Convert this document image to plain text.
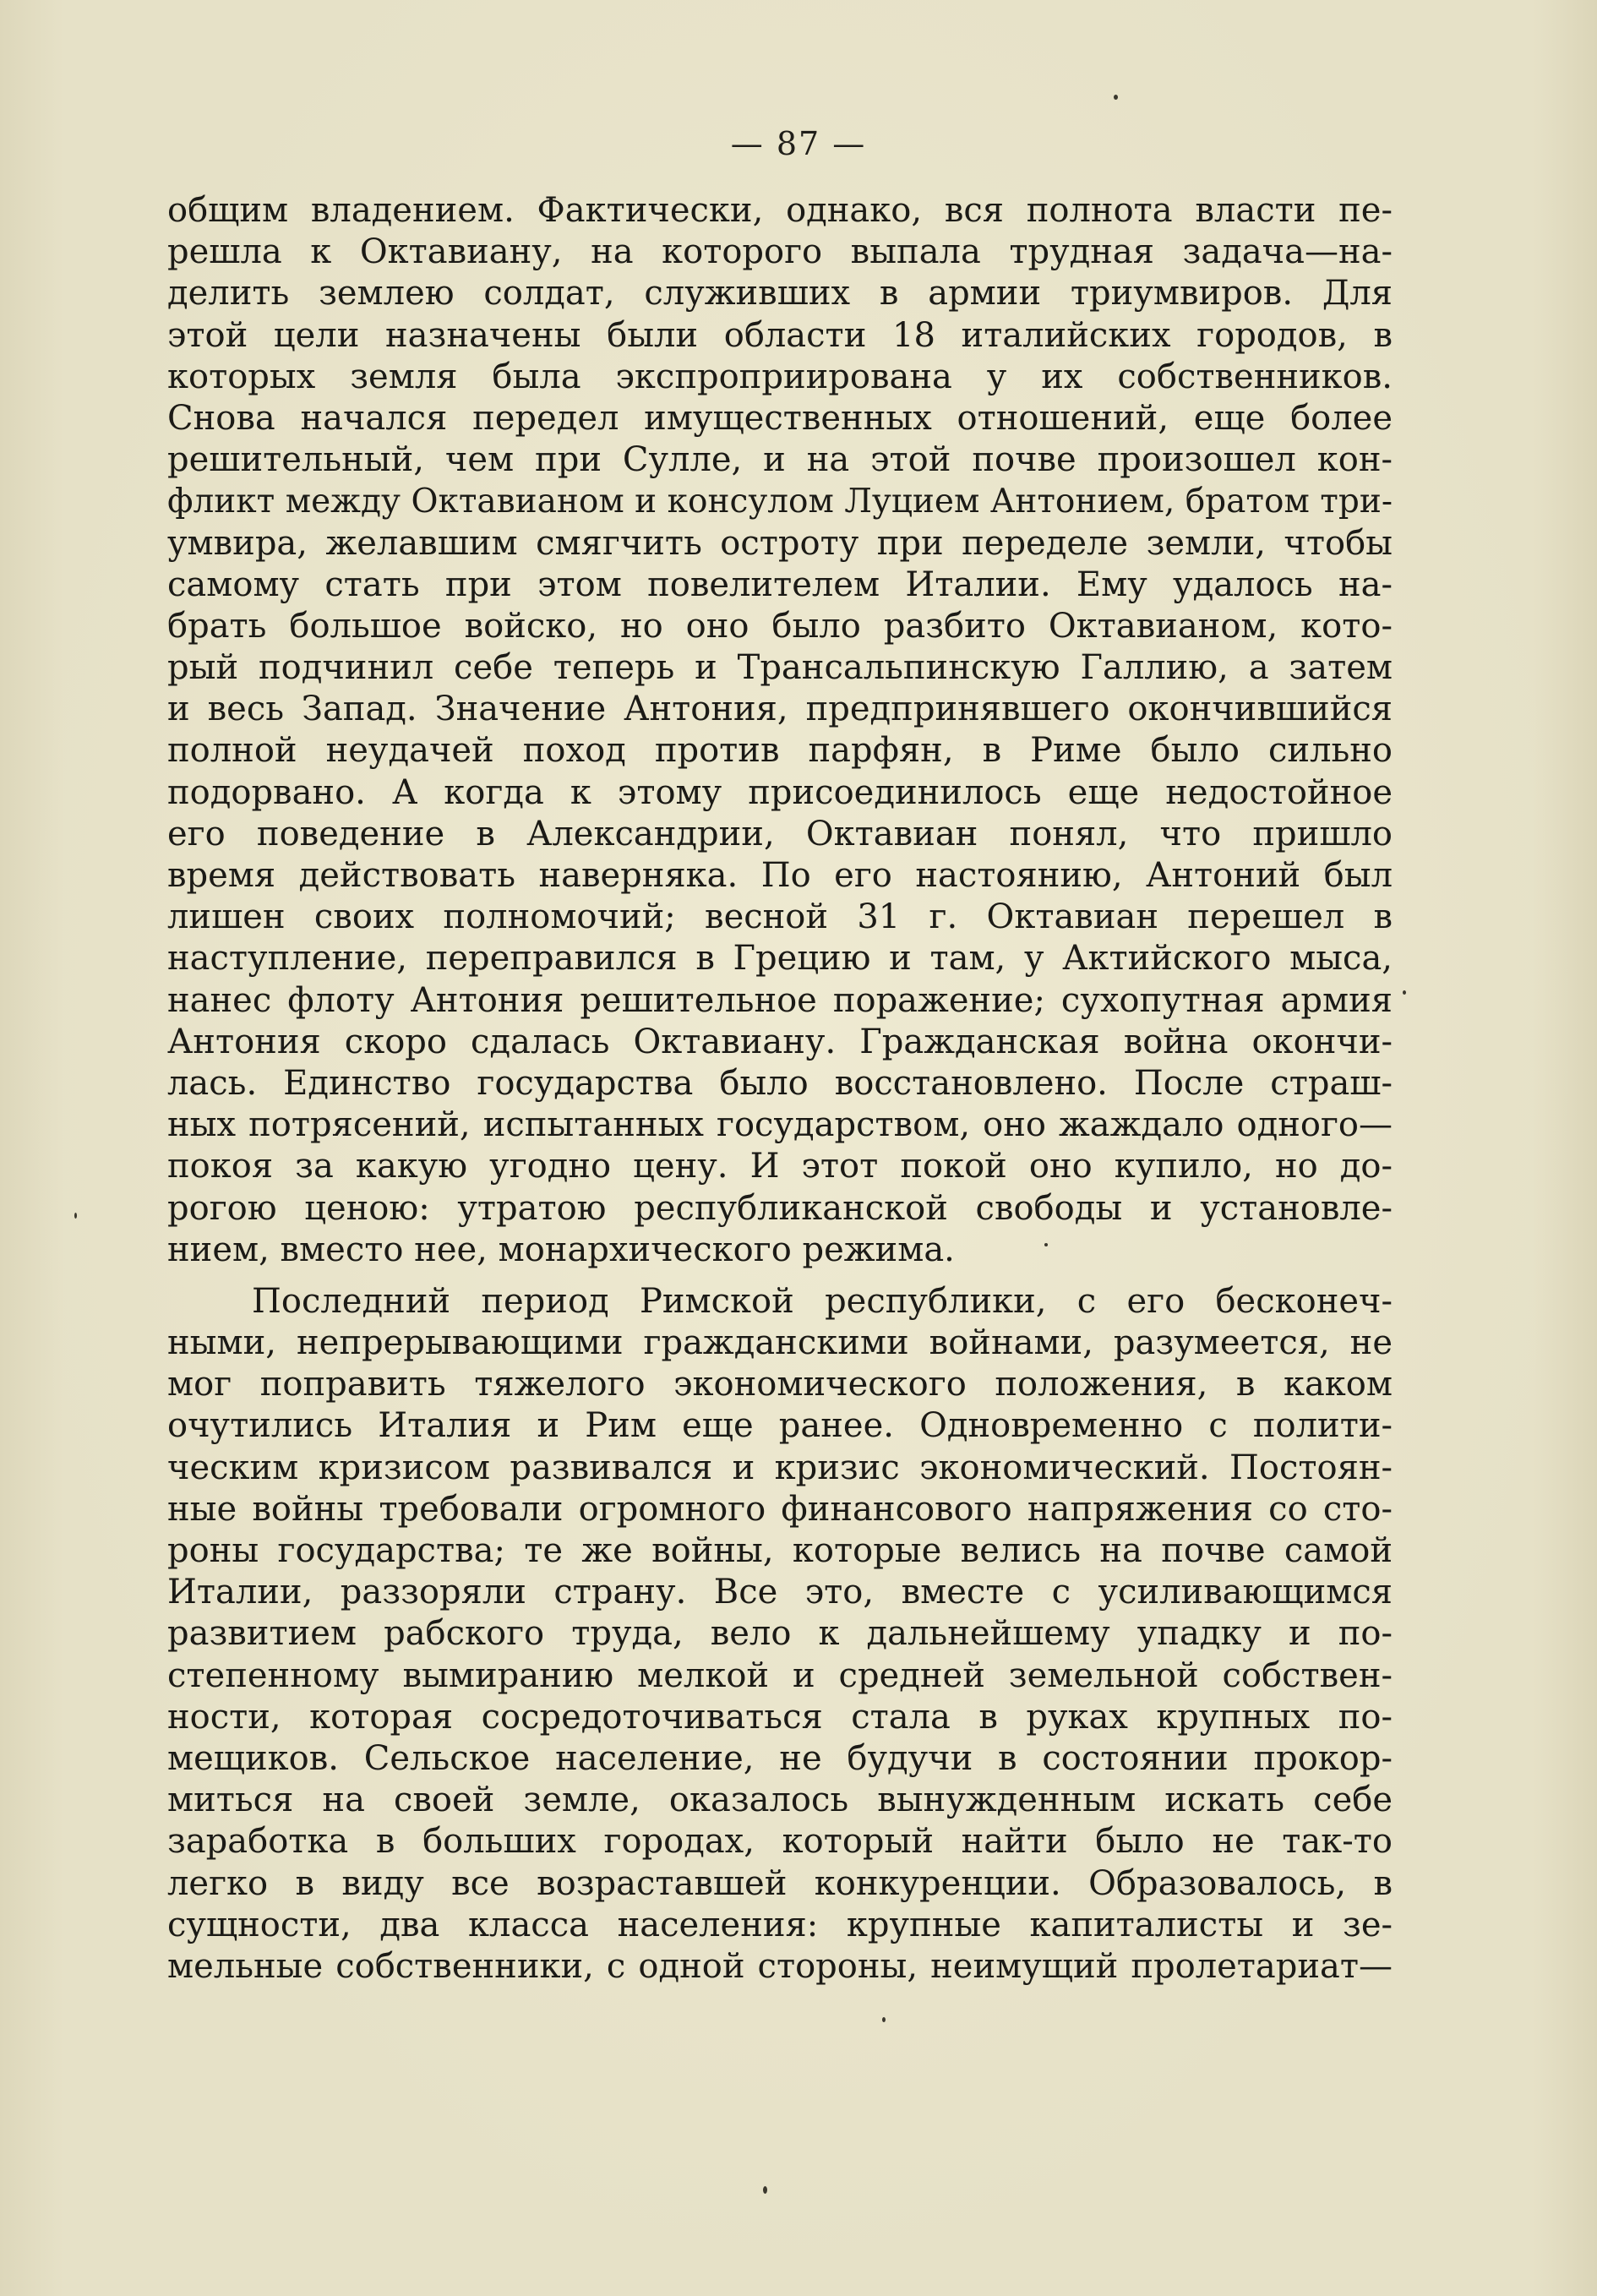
— 87 —
общим владением. Фактически, однако, вся полнота власти пе-
решла к Октавиану, на которого выпала трудная задача—на-
делить землею солдат, служивших в армии триумвиров. Для
этой цели назначены были области 18 италийских городов, в
которых земля была экспроприирована у их собственников.
Снова начался передел имущественных отношений, еще более
решительный, чем при Сулле, и на этой почве произошел кон-
фликт между Октавианом и консулом Луцием Антонием, братом три-
умвира, желавшим смягчить остроту при переделе земли, чтобы
самому стать при этом повелителем Италии. Ему удалось на-
брать большое войско, но оно было разбито Октавианом, кото-
рый подчинил себе теперь и Трансальпинскую Галлию, а затем
и весь Запад. Значение Антония, предпринявшего окончившийся
полной неудачей поход против парфян, в Риме было сильно
подорвано. А когда к этому присоединилось еще недостойное
его поведение в Александрии, Октавиан понял, что пришло
время действовать наверняка. По его настоянию, Антоний был
лишен своих полномочий; весной 31 г. Октавиан перешел в
наступление, переправился в Грецию и там, у Актийского мыса,
нанес флоту Антония решительное поражение; сухопутная армия
Антония скоро сдалась Октавиану. Гражданская война окончи-
лась. Единство государства было восстановлено. После страш-
ных потрясений, испытанных государством, оно жаждало одного—
покоя за какую угодно цену. И этот покой оно купило, но до-
рогою ценою: утратою республиканской свободы и установле-
нием, вместо нее, монархического режима.
Последний период Римской республики, с его бесконеч-
ными, непрерывающими гражданскими войнами, разумеется, не
мог поправить тяжелого экономического положения, в каком
очутились Италия и Рим еще ранее. Одновременно с полити-
ческим кризисом развивался и кризис экономический. Постоян-
ные войны требовали огромного финансового напряжения со сто-
роны государства; те же войны, которые велись на почве самой
Италии, раззоряли страну. Все это, вместе с усиливающимся
развитием рабского труда, вело к дальнейшему упадку и по-
степенному вымиранию мелкой и средней земельной собствен-
ности, которая сосредоточиваться стала в руках крупных по-
мещиков. Сельское население, не будучи в состоянии прокор-
миться на своей земле, оказалось вынужденным искать себе
заработка в больших городах, который найти было не так-то
легко в виду все возраставшей конкуренции. Образовалось, в
сущности, два класса населения: крупные капиталисты и зе-
мельные собственники, с одной стороны, неимущий пролетариат—
